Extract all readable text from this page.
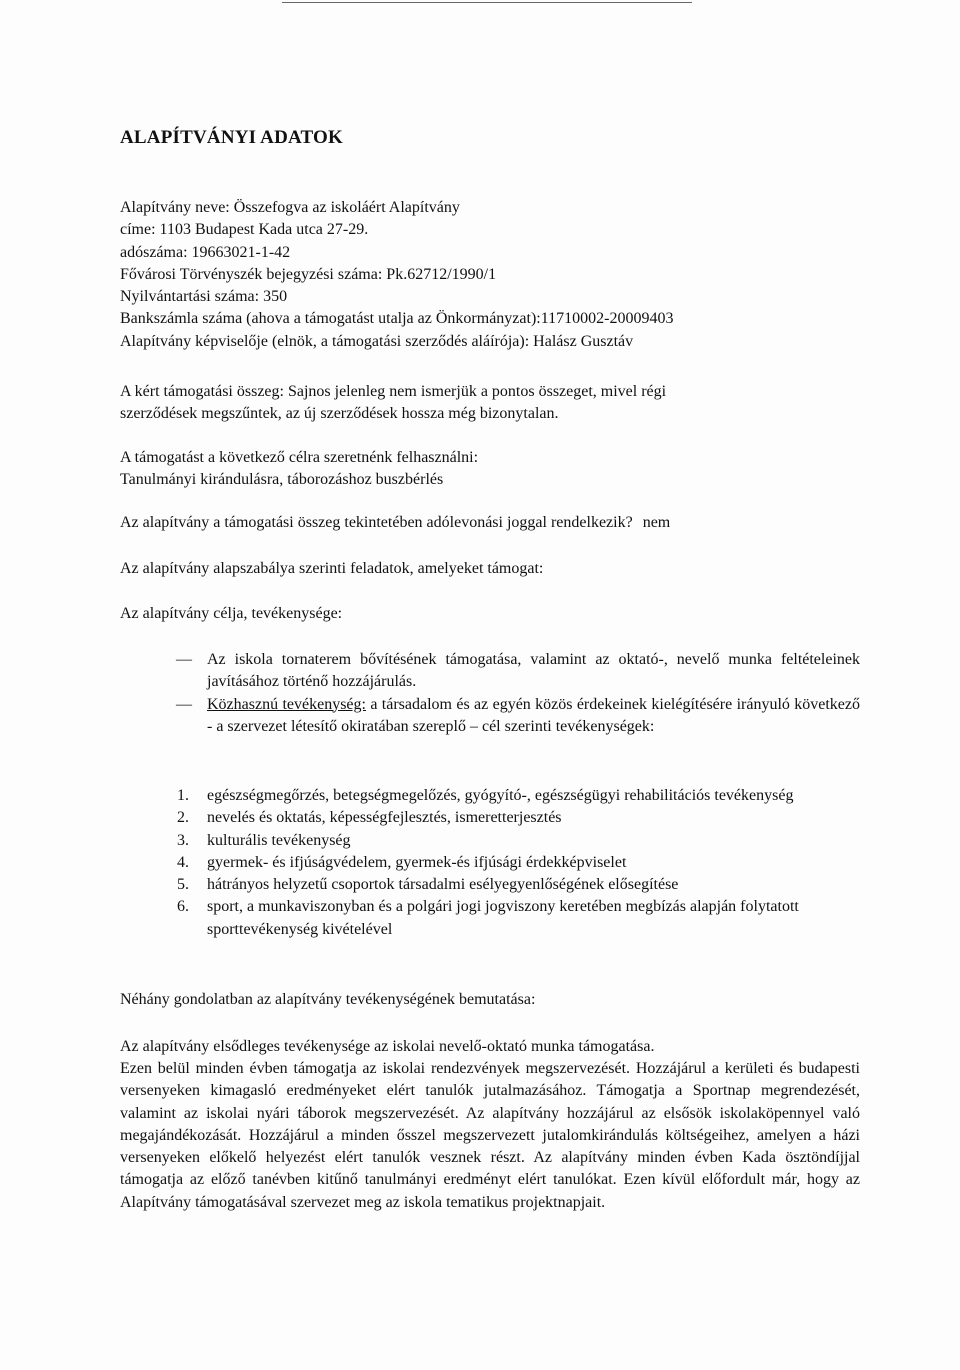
ALAPÍTVÁNYI ADATOK
Alapítvány neve: Összefogva az iskoláért Alapítvány
címe: 1103 Budapest Kada utca 27-29.
adószáma: 19663021-1-42
Fővárosi Törvényszék bejegyzési száma: Pk.62712/1990/1
Nyilvántartási száma: 350
Bankszámla száma (ahova a támogatást utalja az Önkormányzat):11710002-20009403
Alapítvány képviselője (elnök, a támogatási szerződés aláírója): Halász Gusztáv
A kért támogatási összeg: Sajnos jelenleg nem ismerjük a pontos összeget, mivel régi
szerződések megszűntek, az új szerződések hossza még bizonytalan.
A támogatást a következő célra szeretnénk felhasználni:
Tanulmányi kirándulásra, táborozáshoz buszbérlés
Az alapítvány a támogatási összeg tekintetében adólevonási joggal rendelkezik? nem
Az alapítvány alapszabálya szerinti feladatok, amelyeket támogat:
Az alapítvány célja, tevékenysége:
— Az iskola tornaterem bővítésének támogatása, valamint az oktató-, nevelő munka feltételeinek javításához történő hozzájárulás.
— Közhasznú tevékenység: a társadalom és az egyén közös érdekeinek kielégítésére irányuló következő - a szervezet létesítő okiratában szereplő – cél szerinti tevékenységek:
1. egészségmegőrzés, betegségmegelőzés, gyógyító-, egészségügyi rehabilitációs tevékenység
2. nevelés és oktatás, képességfejlesztés, ismeretterjesztés
3. kulturális tevékenység
4. gyermek- és ifjúságvédelem, gyermek-és ifjúsági érdekképviselet
5. hátrányos helyzetű csoportok társadalmi esélyegyenlőségének elősegítése
6. sport, a munkaviszonyban és a polgári jogi jogviszony keretében megbízás alapján folytatott sporttevékenység kivételével
Néhány gondolatban az alapítvány tevékenységének bemutatása:
Az alapítvány elsődleges tevékenysége az iskolai nevelő-oktató munka támogatása.
Ezen belül minden évben támogatja az iskolai rendezvények megszervezését. Hozzájárul a kerületi és budapesti versenyeken kimagasló eredményeket elért tanulók jutalmazásához. Támogatja a Sportnap megrendezését, valamint az iskolai nyári táborok megszervezését. Az alapítvány hozzájárul az elsősök iskolaköpennyel való megajándékozását. Hozzájárul a minden ősszel megszervezett jutalomkirándulás költségeihez, amelyen a házi versenyeken előkelő helyezést elért tanulók vesznek részt. Az alapítvány minden évben Kada ösztöndíjjal támogatja az előző tanévben kitűnő tanulmányi eredményt elért tanulókat. Ezen kívül előfordult már, hogy az Alapítvány támogatásával szervezet meg az iskola tematikus projektnapjait.
